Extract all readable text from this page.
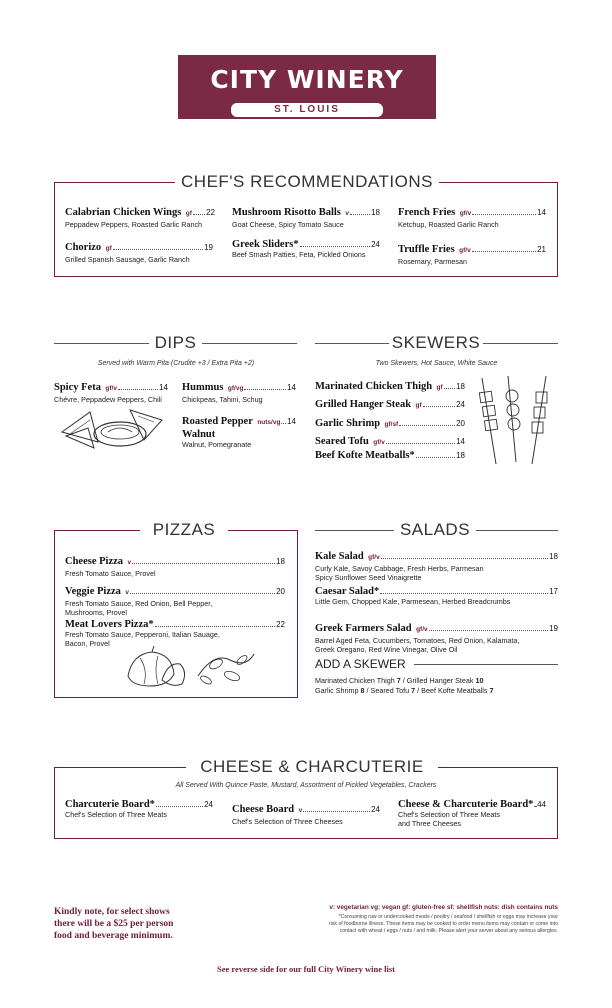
CITY WINERY
ST. LOUIS
CHEF'S RECOMMENDATIONS
Calabrian Chicken Wings
gf 22
Peppadew Peppers, Roasted Garlic Ranch
Mushroom Risotto Balls
v	18
Goat Cheese, Spicy Tomato Sauce
French Fries
gf/v	14
Ketchup, Roasted Garlic Ranch
Chorizo
gf	19
Grilled Spanish Sausage, Garlic Ranch
Greek Sliders*	24
Beef Smash Patties, Feta, Pickled Onions	Truffle Fries
gf/v	21
Rosemary, Parmesan
DIPS
Served with Warm Pita (Crudite +3 / Extra Pita +2)
Spicy Feta
gf/v	14
Chévre, Peppadew Peppers, Chili
Hummus
gf/vg	14
Chickpeas, Tahini, Schug
Roasted Pepper
nuts/vg 14
Walnut
Walnut, Pomegranate
SKEWERS
Two Skewers, Hot Sauce, White Sauce
Marinated Chicken Thigh
gf 18
Grilled Hanger Steak
gf	24
Garlic Shrimp
gf/sf	20
Seared Tofu
gf/v	14
Beef Kofte Meatballs*	18
PIZZAS
Cheese Pizza
v	18
Fresh Tomato Sauce, Provel
Veggie Pizza
v	20
Fresh Tomato Sauce, Red Onion, Bell Pepper,
Mushrooms, Provel
Meat Lovers Pizza*	22
Fresh Tomato Sauce, Pepperoni, Italian Sauage,
Bacon, Provel
SALADS
Kale Salad
gf/v	18
Curly Kale, Savoy Cabbage, Fresh Herbs, Parmesan
Spicy Sunflower Seed Vinaigrette
Caesar Salad*	17
Little Gem, Chopped Kale, Parmesean, Herbed Breadcrumbs
Greek Farmers Salad
gf/v	19
Barrel Aged Feta, Cucumbers, Tomatoes, Red Onion, Kalamata,
Greek Oregano, Red Wine Vinegar, Olive Oil
ADD A SKEWER
Marinated Chicken Thigh 7 / Grilled Hanger Steak 10
Garlic Shrimp 8 / Seared Tofu 7 / Beef Kofte Meatballs 7
CHEESE & CHARCUTERIE
All Served With Quince Paste, Mustard, Assortment of Pickled Vegetables, Crackers
Charcuterie Board*	24
Chef's Selection of Three Meats	Cheese Board
v	24
Chef's Selection of Three Cheeses
Cheese & Charcuterie Board* 44
Chef's Selection of Three Meats
and Three Cheeses
Kindly note, for select shows
there will be a $25 per person
food and beverage minimum.
v: vegetarian vg: vegan gf: gluten-free sf: shellfish nuts: dish contains nuts
*Consuming raw or undercooked meats / poultry / seafood / shellfish or eggs may increase your
risk of foodborne illness. These items may be cooked to order menu items may contain or come into
contact with wheat / eggs / nuts / and milk. Please alert your server about any serious allergies.
See reverse side for our full City Winery wine list
